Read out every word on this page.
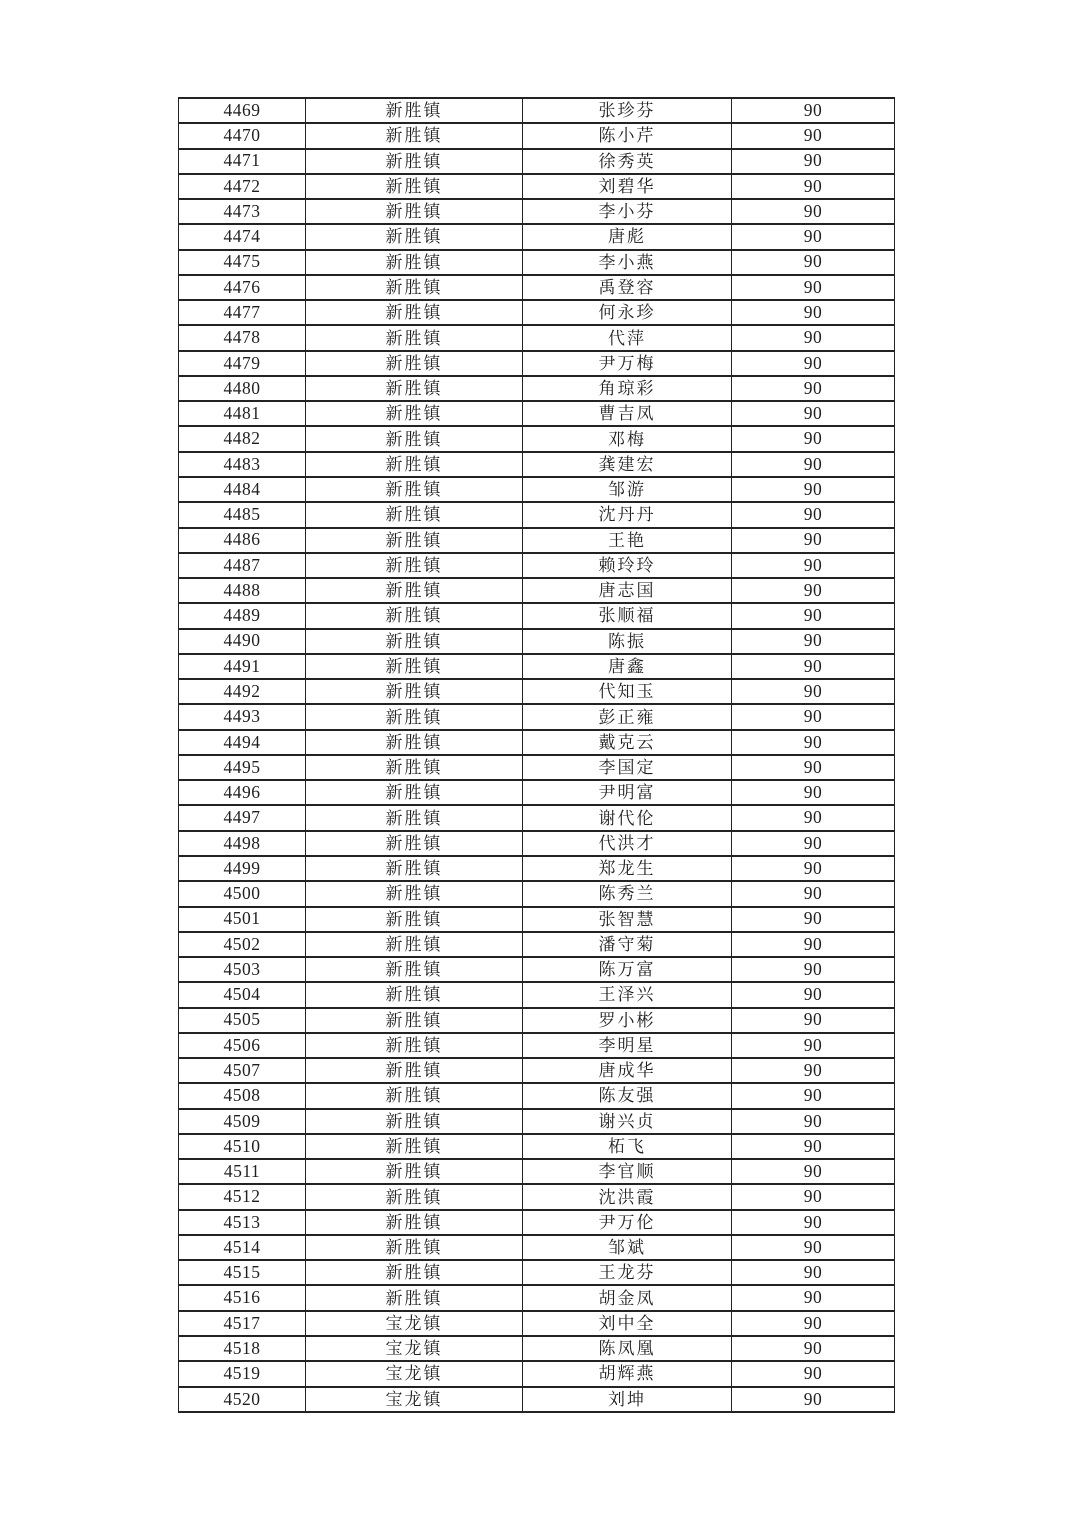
4469	新胜镇	张珍芬	90
4470	新胜镇	陈小芹	90
4471	新胜镇	徐秀英	90
4472	新胜镇	刘碧华	90
4473	新胜镇	李小芬	90
4474	新胜镇	唐彪	90
4475	新胜镇	李小燕	90
4476	新胜镇	禹登容	90
4477	新胜镇	何永珍	90
4478	新胜镇	代萍	90
4479	新胜镇	尹万梅	90
4480	新胜镇	角琼彩	90
4481	新胜镇	曹吉凤	90
4482	新胜镇	邓梅	90
4483	新胜镇	龚建宏	90
4484	新胜镇	邹游	90
4485	新胜镇	沈丹丹	90
4486	新胜镇	王艳	90
4487	新胜镇	赖玲玲	90
4488	新胜镇	唐志国	90
4489	新胜镇	张顺福	90
4490	新胜镇	陈振	90
4491	新胜镇	唐鑫	90
4492	新胜镇	代知玉	90
4493	新胜镇	彭正雍	90
4494	新胜镇	戴克云	90
4495	新胜镇	李国定	90
4496	新胜镇	尹明富	90
4497	新胜镇	谢代伦	90
4498	新胜镇	代洪才	90
4499	新胜镇	郑龙生	90
4500	新胜镇	陈秀兰	90
4501	新胜镇	张智慧	90
4502	新胜镇	潘守菊	90
4503	新胜镇	陈万富	90
4504	新胜镇	王泽兴	90
4505	新胜镇	罗小彬	90
4506	新胜镇	李明星	90
4507	新胜镇	唐成华	90
4508	新胜镇	陈友强	90
4509	新胜镇	谢兴贞	90
4510	新胜镇	柘飞	90
4511	新胜镇	李官顺	90
4512	新胜镇	沈洪霞	90
4513	新胜镇	尹万伦	90
4514	新胜镇	邹斌	90
4515	新胜镇	王龙芬	90
4516	新胜镇	胡金凤	90
4517	宝龙镇	刘中全	90
4518	宝龙镇	陈凤凰	90
4519	宝龙镇	胡辉燕	90
4520	宝龙镇	刘坤	90
